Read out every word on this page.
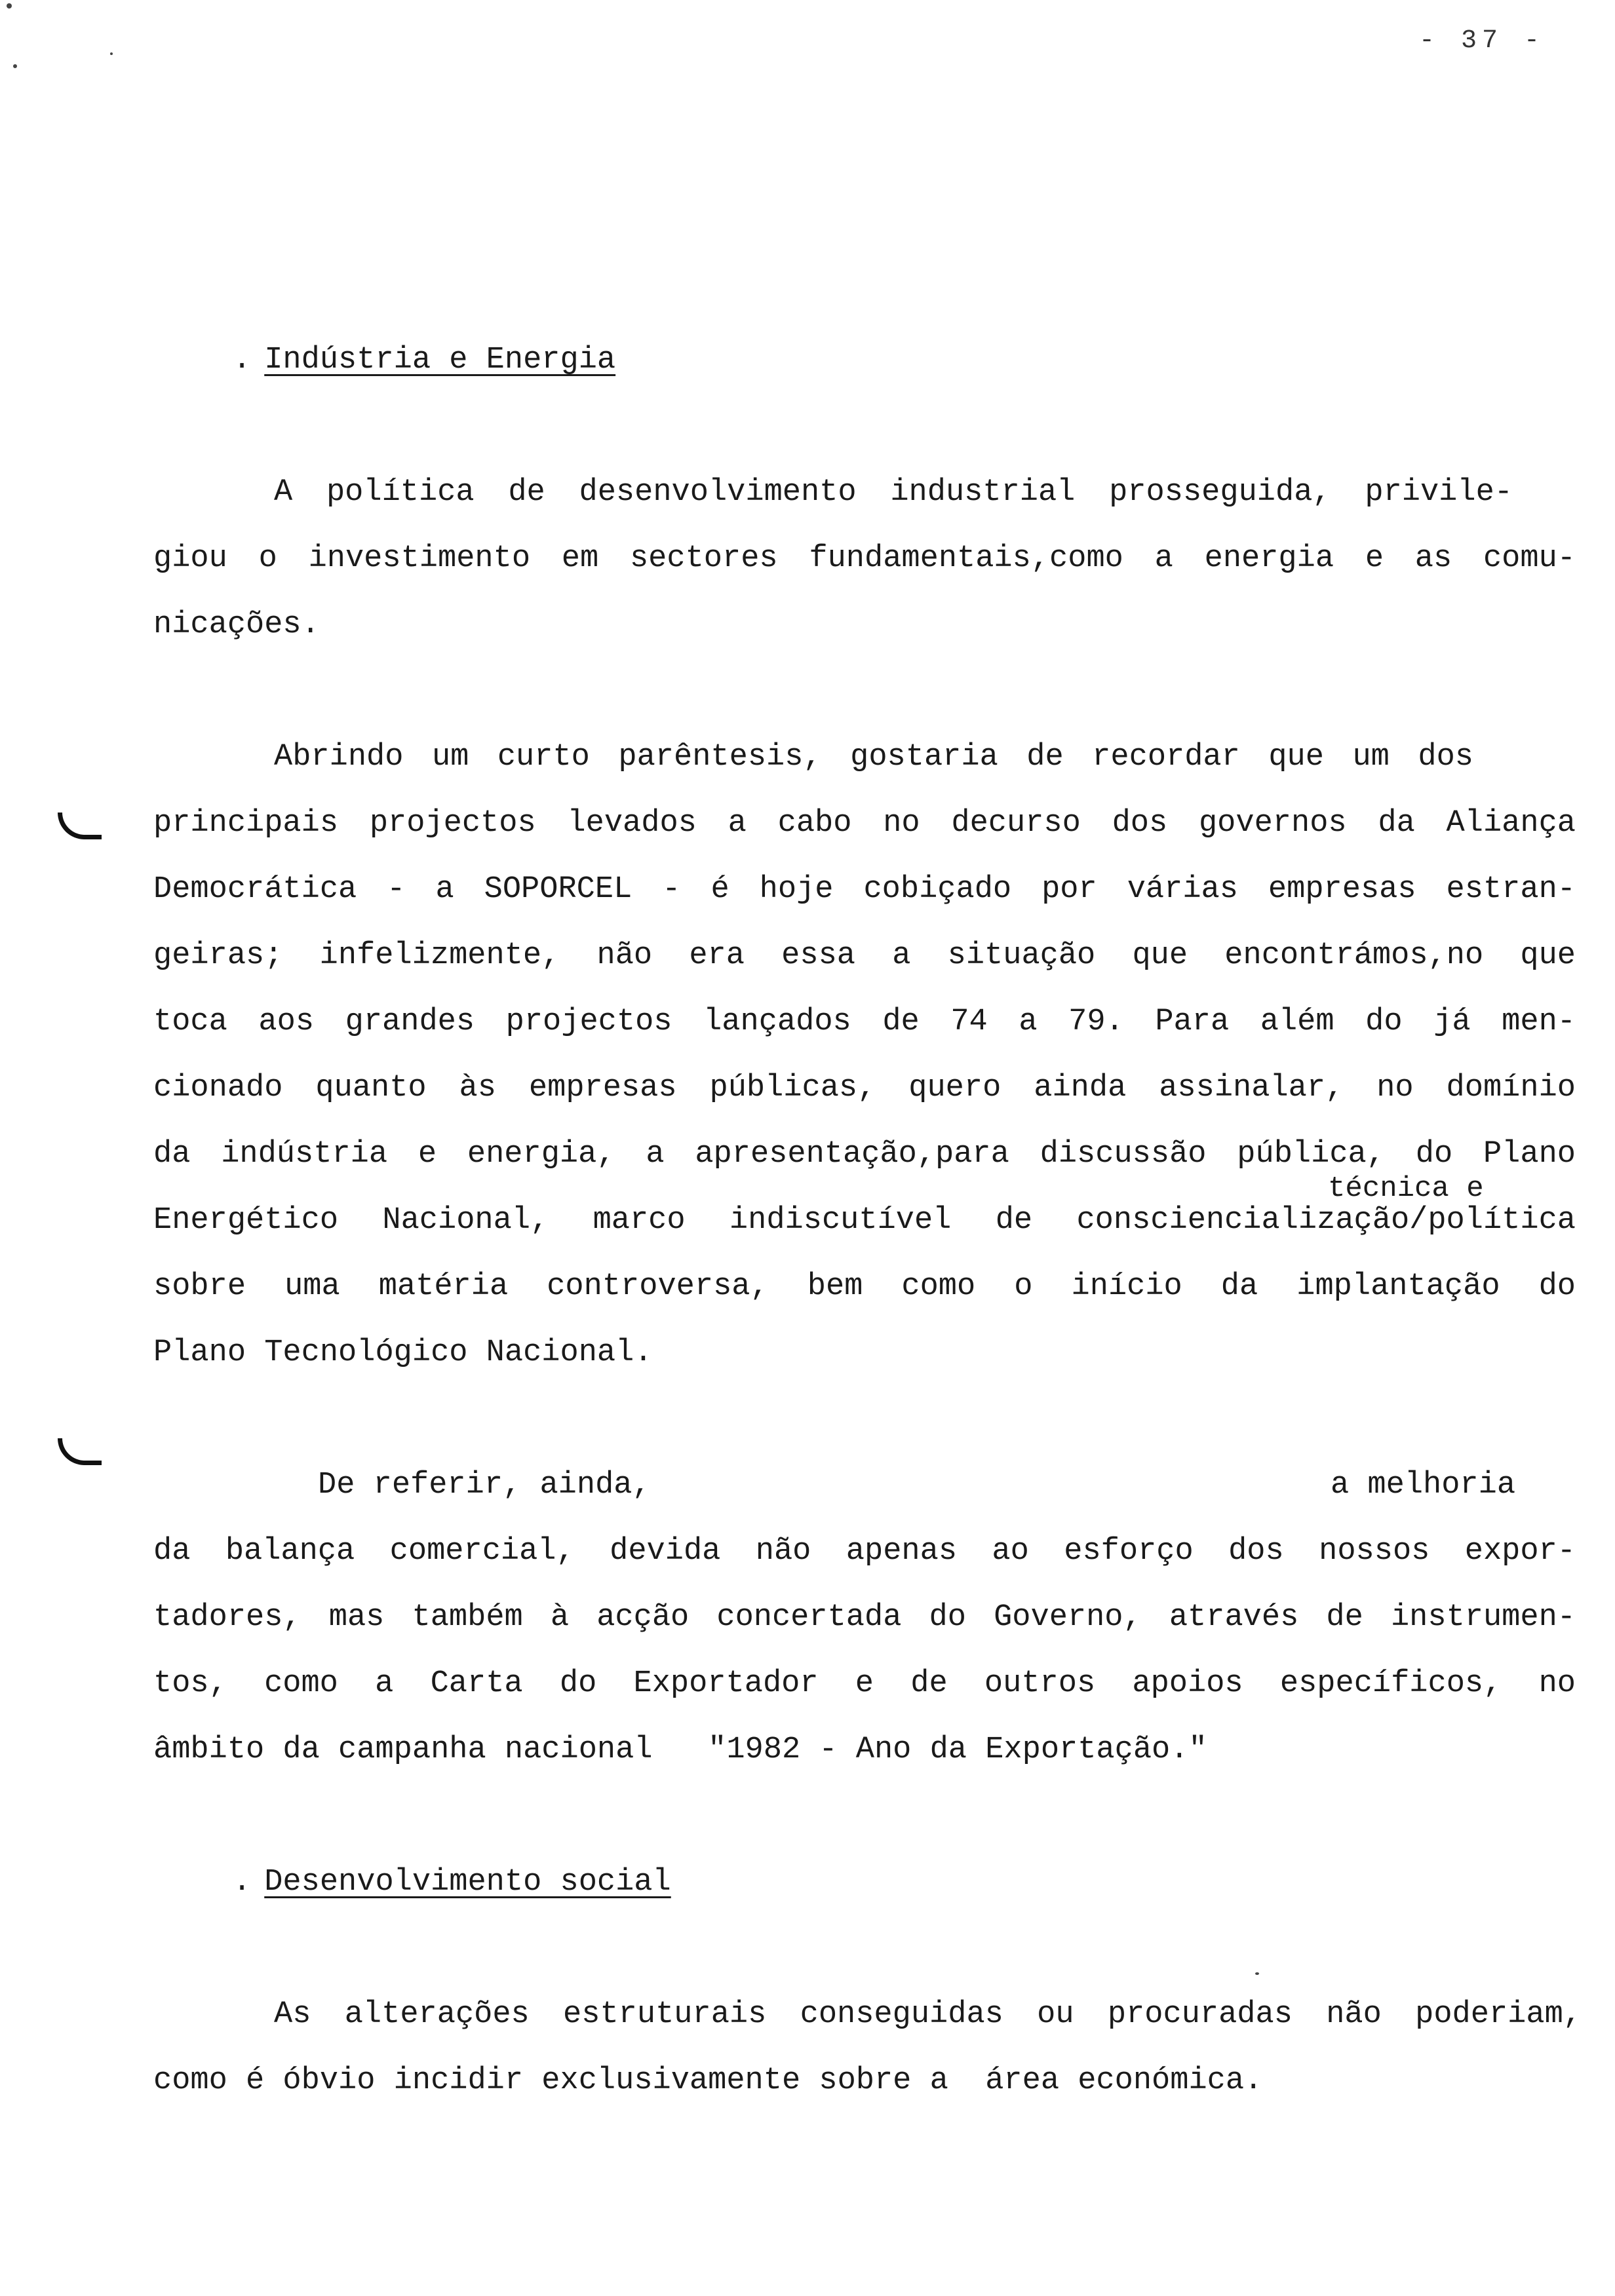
- 37 -
. Indústria e Energia
A política de desenvolvimento industrial prosseguida, privile-
giou o investimento em sectores fundamentais,como a energia e as comu-
nicações.
Abrindo um curto parêntesis, gostaria de recordar que um dos
principais projectos levados a cabo no decurso dos governos da Aliança
Democrática - a SOPORCEL - é hoje cobiçado por várias empresas estran-
geiras; infelizmente, não era essa a situação que encontrámos,no que
toca aos grandes projectos lançados de 74 a 79. Para além do já men-
cionado quanto às empresas públicas, quero ainda assinalar, no domínio
da indústria e energia, a apresentação,para discussão pública, do Plano
técnica e
Energético Nacional, marco indiscutível de consciencialização/política
sobre uma matéria controversa, bem como o início da implantação do
Plano Tecnológico Nacional.
De referir, ainda,	a melhoria
da balança comercial, devida não apenas ao esforço dos nossos expor-
tadores, mas também à acção concertada do Governo, através de instrumen-
tos, como a Carta do Exportador e de outros apoios específicos, no
âmbito da campanha nacional   "1982 - Ano da Exportação."
. Desenvolvimento social
As alterações estruturais conseguidas ou procuradas não poderiam,
como é óbvio incidir exclusivamente sobre a  área económica.
